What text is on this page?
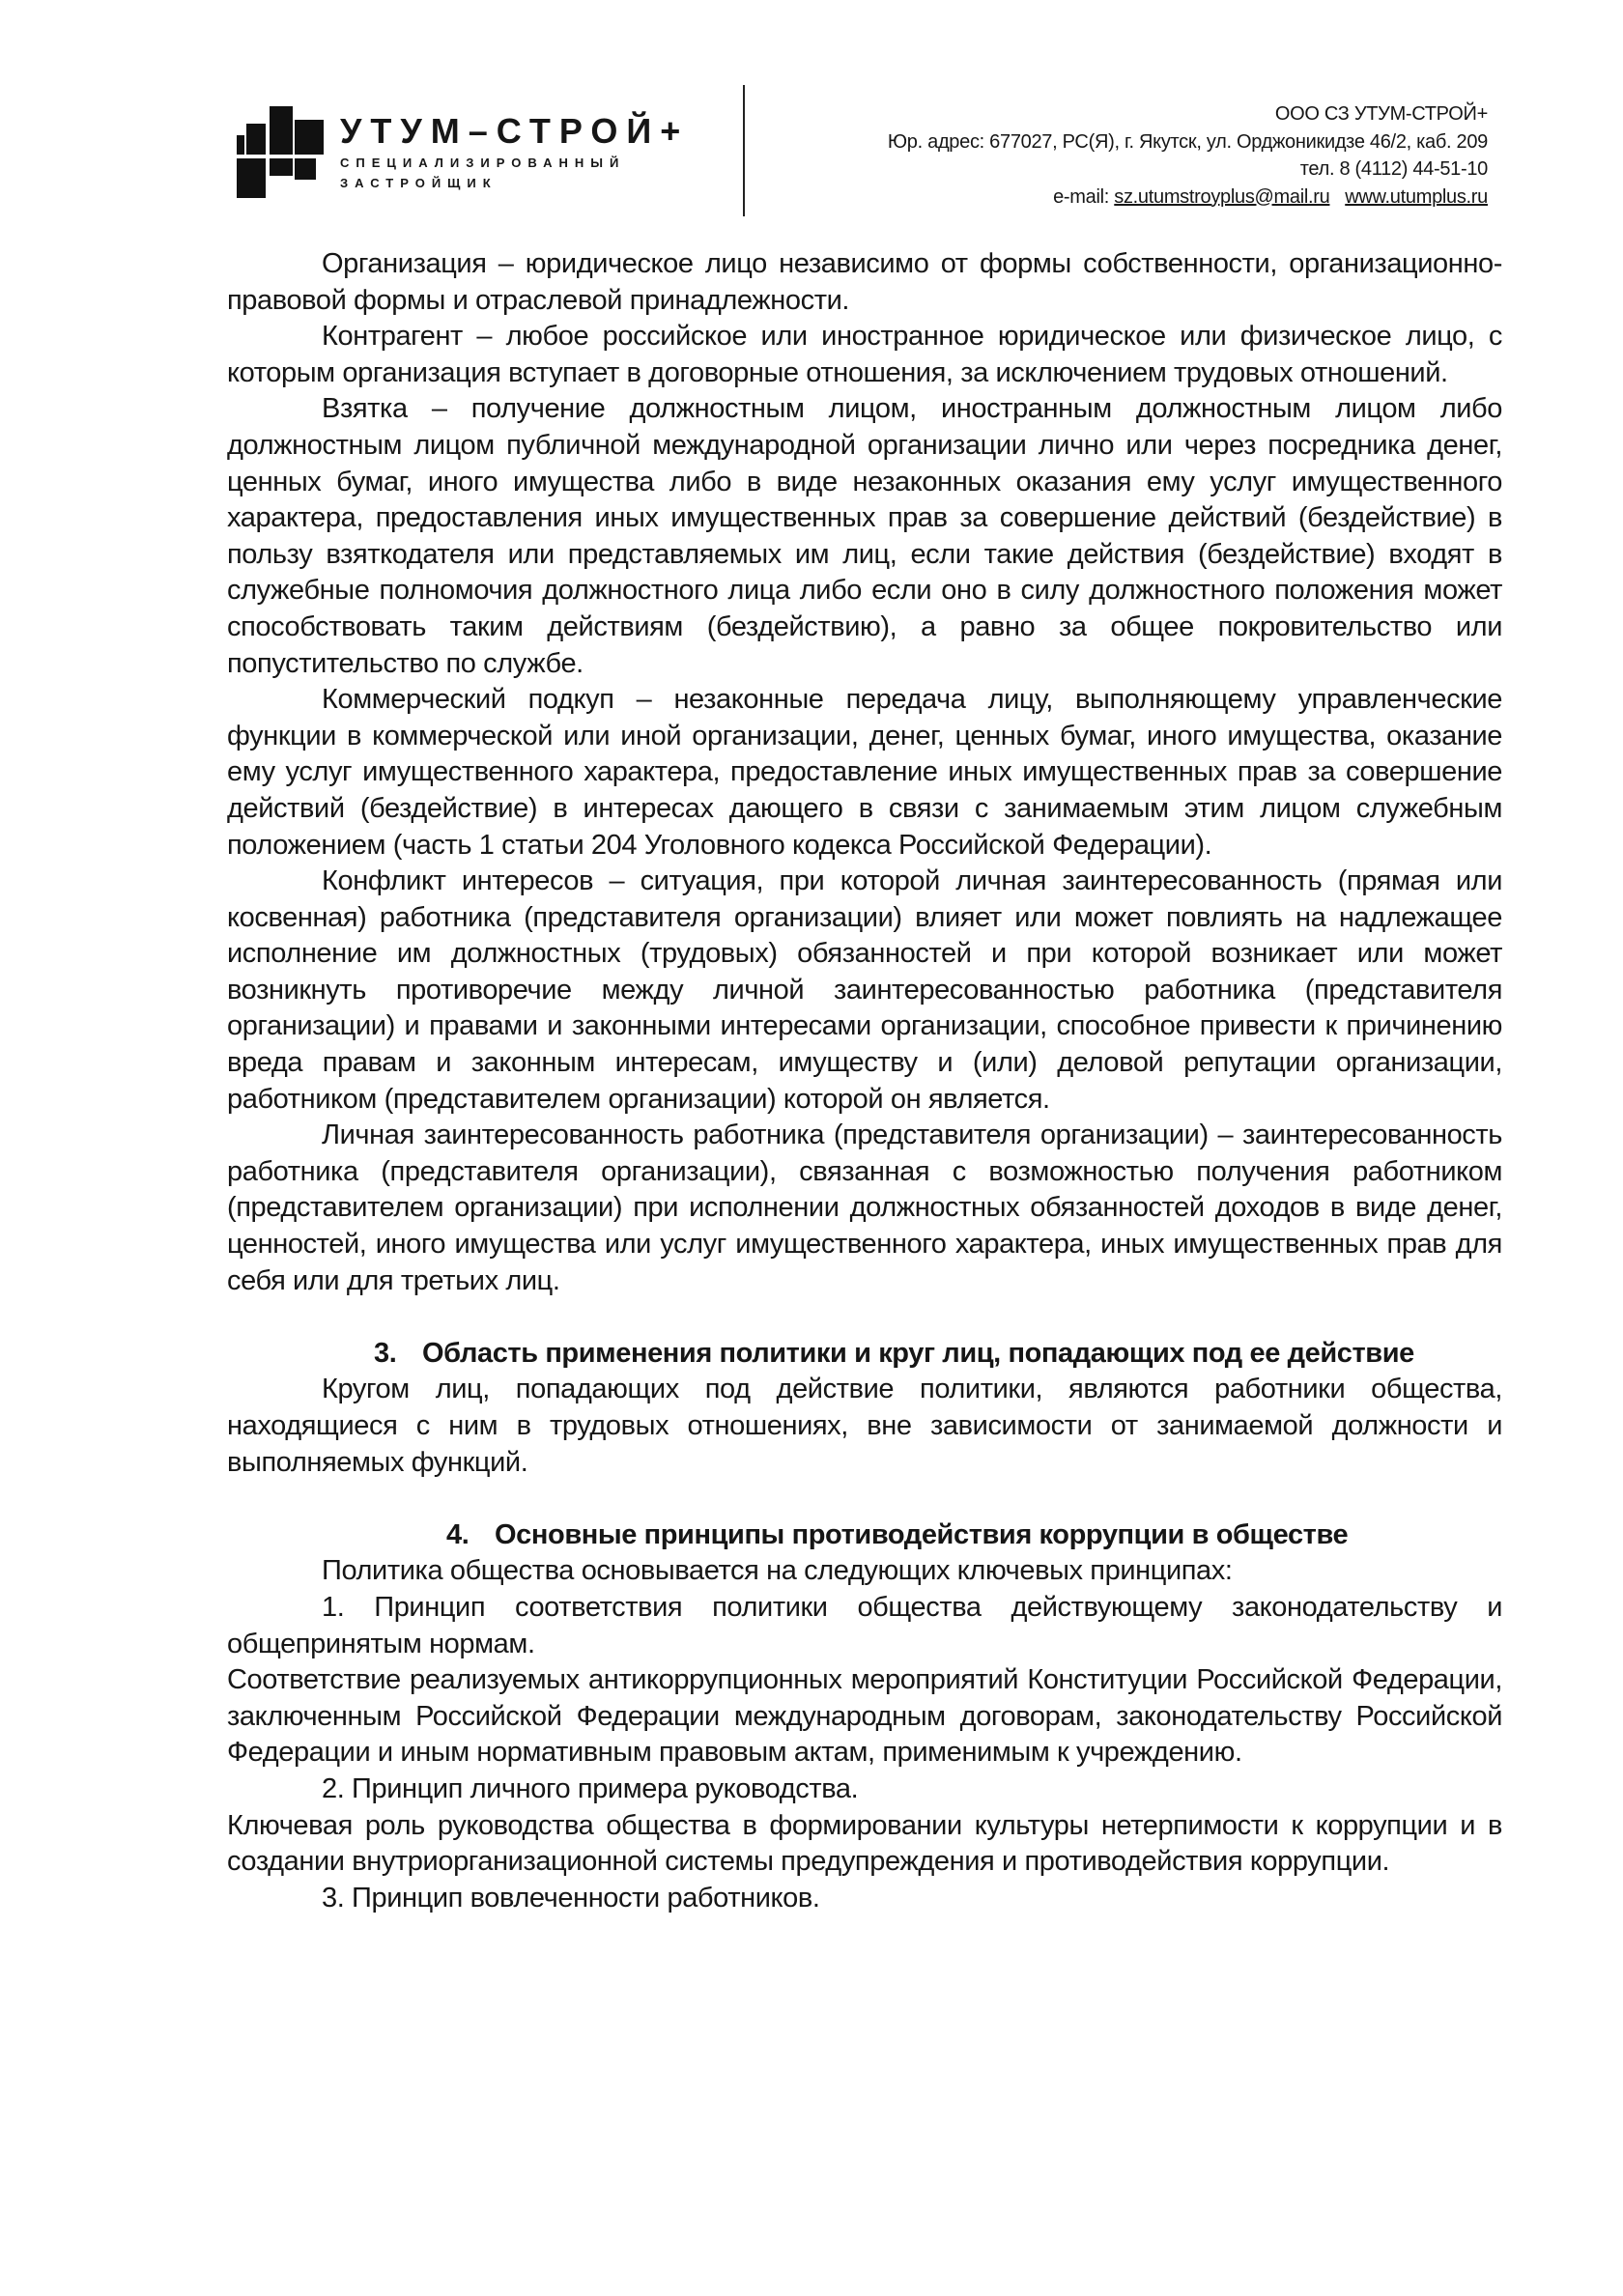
УТУМ–СТРОЙ+
СПЕЦИАЛИЗИРОВАННЫЙ
ЗАСТРОЙЩИК
ООО СЗ УТУМ-СТРОЙ+
Юр. адрес: 677027, РС(Я), г. Якутск, ул. Орджоникидзе 46/2, каб. 209
тел. 8 (4112) 44-51-10
e-mail: sz.utumstroyplus@mail.ru www.utumplus.ru

Организация – юридическое лицо независимо от формы собственности, организационно-правовой формы и отраслевой принадлежности.

Контрагент – любое российское или иностранное юридическое или физическое лицо, с которым организация вступает в договорные отношения, за исключением трудовых отношений.

Взятка – получение должностным лицом, иностранным должностным лицом либо должностным лицом публичной международной организации лично или через посредника денег, ценных бумаг, иного имущества либо в виде незаконных оказания ему услуг имущественного характера, предоставления иных имущественных прав за совершение действий (бездействие) в пользу взяткодателя или представляемых им лиц, если такие действия (бездействие) входят в служебные полномочия должностного лица либо если оно в силу должностного положения может способствовать таким действиям (бездействию), а равно за общее покровительство или попустительство по службе.

Коммерческий подкуп – незаконные передача лицу, выполняющему управленческие функции в коммерческой или иной организации, денег, ценных бумаг, иного имущества, оказание ему услуг имущественного характера, предоставление иных имущественных прав за совершение действий (бездействие) в интересах дающего в связи с занимаемым этим лицом служебным положением (часть 1 статьи 204 Уголовного кодекса Российской Федерации).

Конфликт интересов – ситуация, при которой личная заинтересованность (прямая или косвенная) работника (представителя организации) влияет или может повлиять на надлежащее исполнение им должностных (трудовых) обязанностей и при которой возникает или может возникнуть противоречие между личной заинтересованностью работника (представителя организации) и правами и законными интересами организации, способное привести к причинению вреда правам и законным интересам, имуществу и (или) деловой репутации организации, работником (представителем организации) которой он является.

Личная заинтересованность работника (представителя организации) – заинтересованность работника (представителя организации), связанная с возможностью получения работником (представителем организации) при исполнении должностных обязанностей доходов в виде денег, ценностей, иного имущества или услуг имущественного характера, иных имущественных прав для себя или для третьих лиц.

3. Область применения политики и круг лиц, попадающих под ее действие

Кругом лиц, попадающих под действие политики, являются работники общества, находящиеся с ним в трудовых отношениях, вне зависимости от занимаемой должности и выполняемых функций.

4. Основные принципы противодействия коррупции в обществе

Политика общества основывается на следующих ключевых принципах:

1. Принцип соответствия политики общества действующему законодательству и общепринятым нормам.

Соответствие реализуемых антикоррупционных мероприятий Конституции Российской Федерации, заключенным Российской Федерации международным договорам, законодательству Российской Федерации и иным нормативным правовым актам, применимым к учреждению.

2. Принцип личного примера руководства.

Ключевая роль руководства общества в формировании культуры нетерпимости к коррупции и в создании внутриорганизационной системы предупреждения и противодействия коррупции.

3. Принцип вовлеченности работников.
